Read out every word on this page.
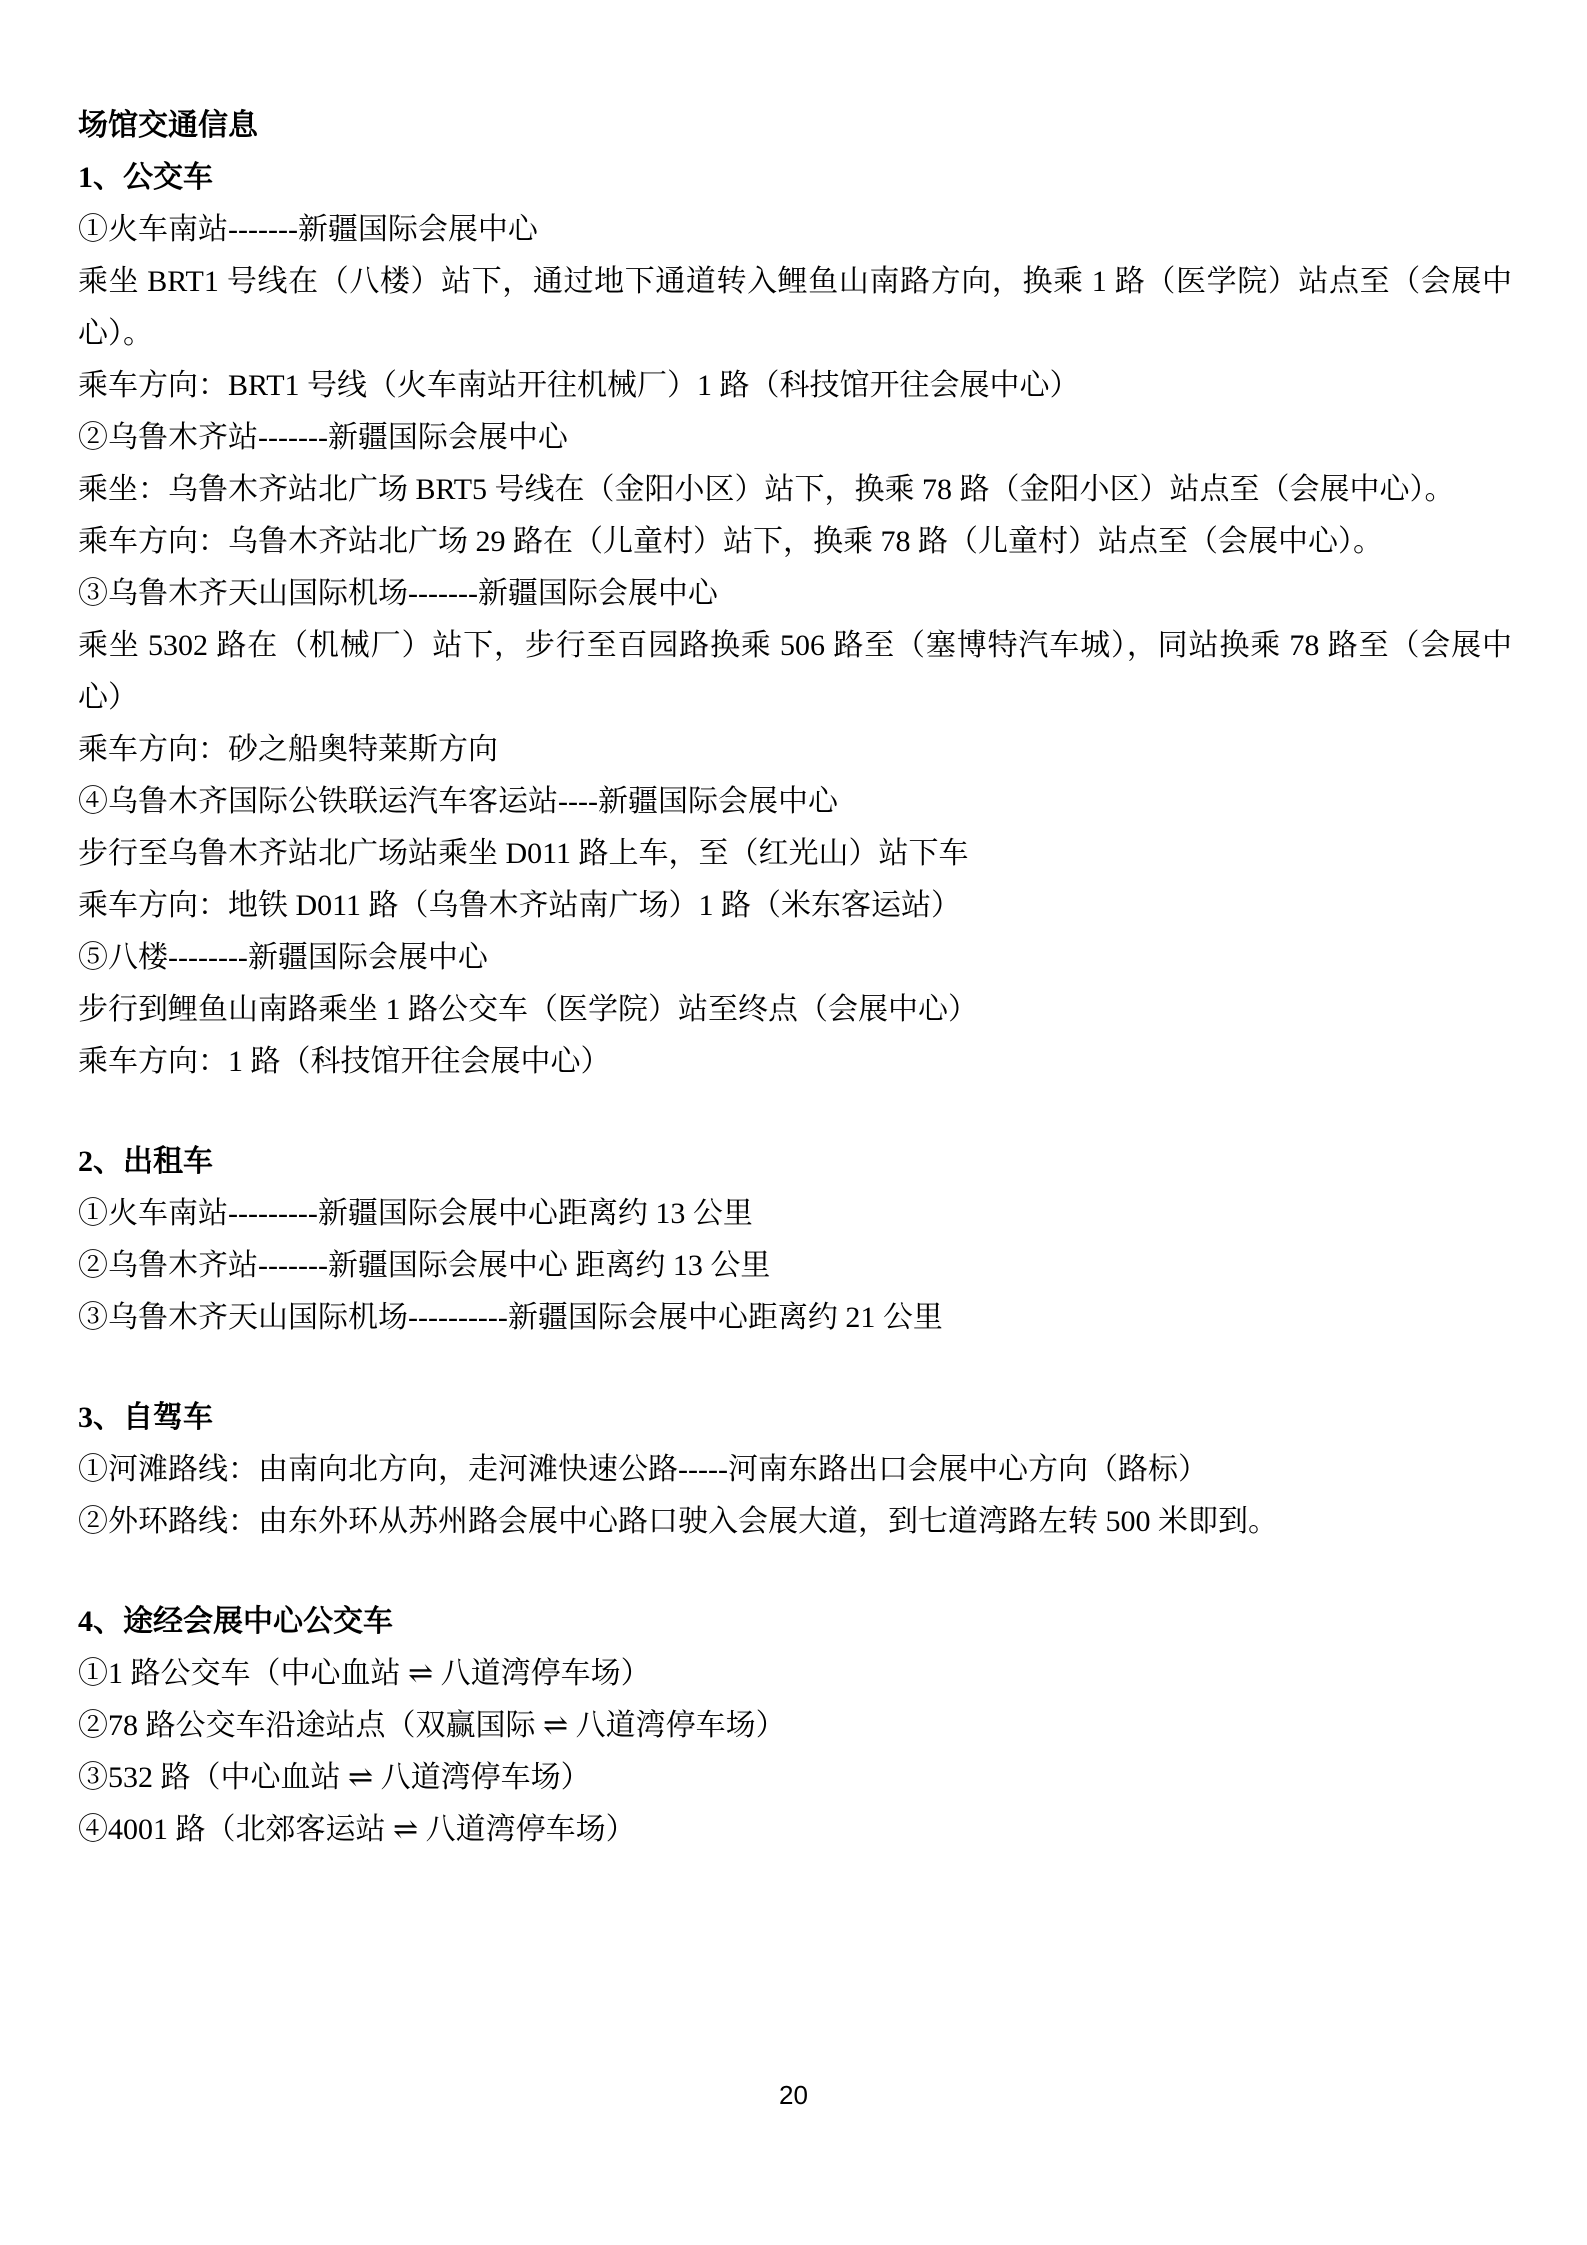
场馆交通信息
1、公交车

①火车南站-------新疆国际会展中心

乘坐 BRT1 号线在（八楼）站下，通过地下通道转入鲤鱼山南路方向，换乘 1 路（医学院）站点至（会展中心）。

乘车方向：BRT1 号线（火车南站开往机械厂）1 路（科技馆开往会展中心）

②乌鲁木齐站-------新疆国际会展中心

乘坐：乌鲁木齐站北广场 BRT5 号线在（金阳小区）站下，换乘 78 路（金阳小区）站点至（会展中心）。

乘车方向：乌鲁木齐站北广场 29 路在（儿童村）站下，换乘 78 路（儿童村）站点至（会展中心）。

③乌鲁木齐天山国际机场-------新疆国际会展中心

乘坐 5302 路在（机械厂）站下，步行至百园路换乘 506 路至（塞博特汽车城），同站换乘 78 路至（会展中心）

乘车方向：砂之船奥特莱斯方向

④乌鲁木齐国际公铁联运汽车客运站----新疆国际会展中心

步行至乌鲁木齐站北广场站乘坐 D011 路上车，至（红光山）站下车

乘车方向：地铁 D011 路（乌鲁木齐站南广场）1 路（米东客运站）

⑤八楼--------新疆国际会展中心

步行到鲤鱼山南路乘坐 1 路公交车（医学院）站至终点（会展中心）

乘车方向：1 路（科技馆开往会展中心）

2、出租车

①火车南站---------新疆国际会展中心距离约 13 公里

②乌鲁木齐站-------新疆国际会展中心 距离约 13 公里

③乌鲁木齐天山国际机场----------新疆国际会展中心距离约 21 公里

3、自驾车

①河滩路线：由南向北方向，走河滩快速公路-----河南东路出口会展中心方向（路标）

②外环路线：由东外环从苏州路会展中心路口驶入会展大道，到七道湾路左转 500 米即到。

4、途经会展中心公交车

①1 路公交车（中心血站 ⇌ 八道湾停车场）

②78 路公交车沿途站点（双赢国际 ⇌ 八道湾停车场）

③532 路（中心血站 ⇌ 八道湾停车场）

④4001 路（北郊客运站 ⇌ 八道湾停车场）

20
